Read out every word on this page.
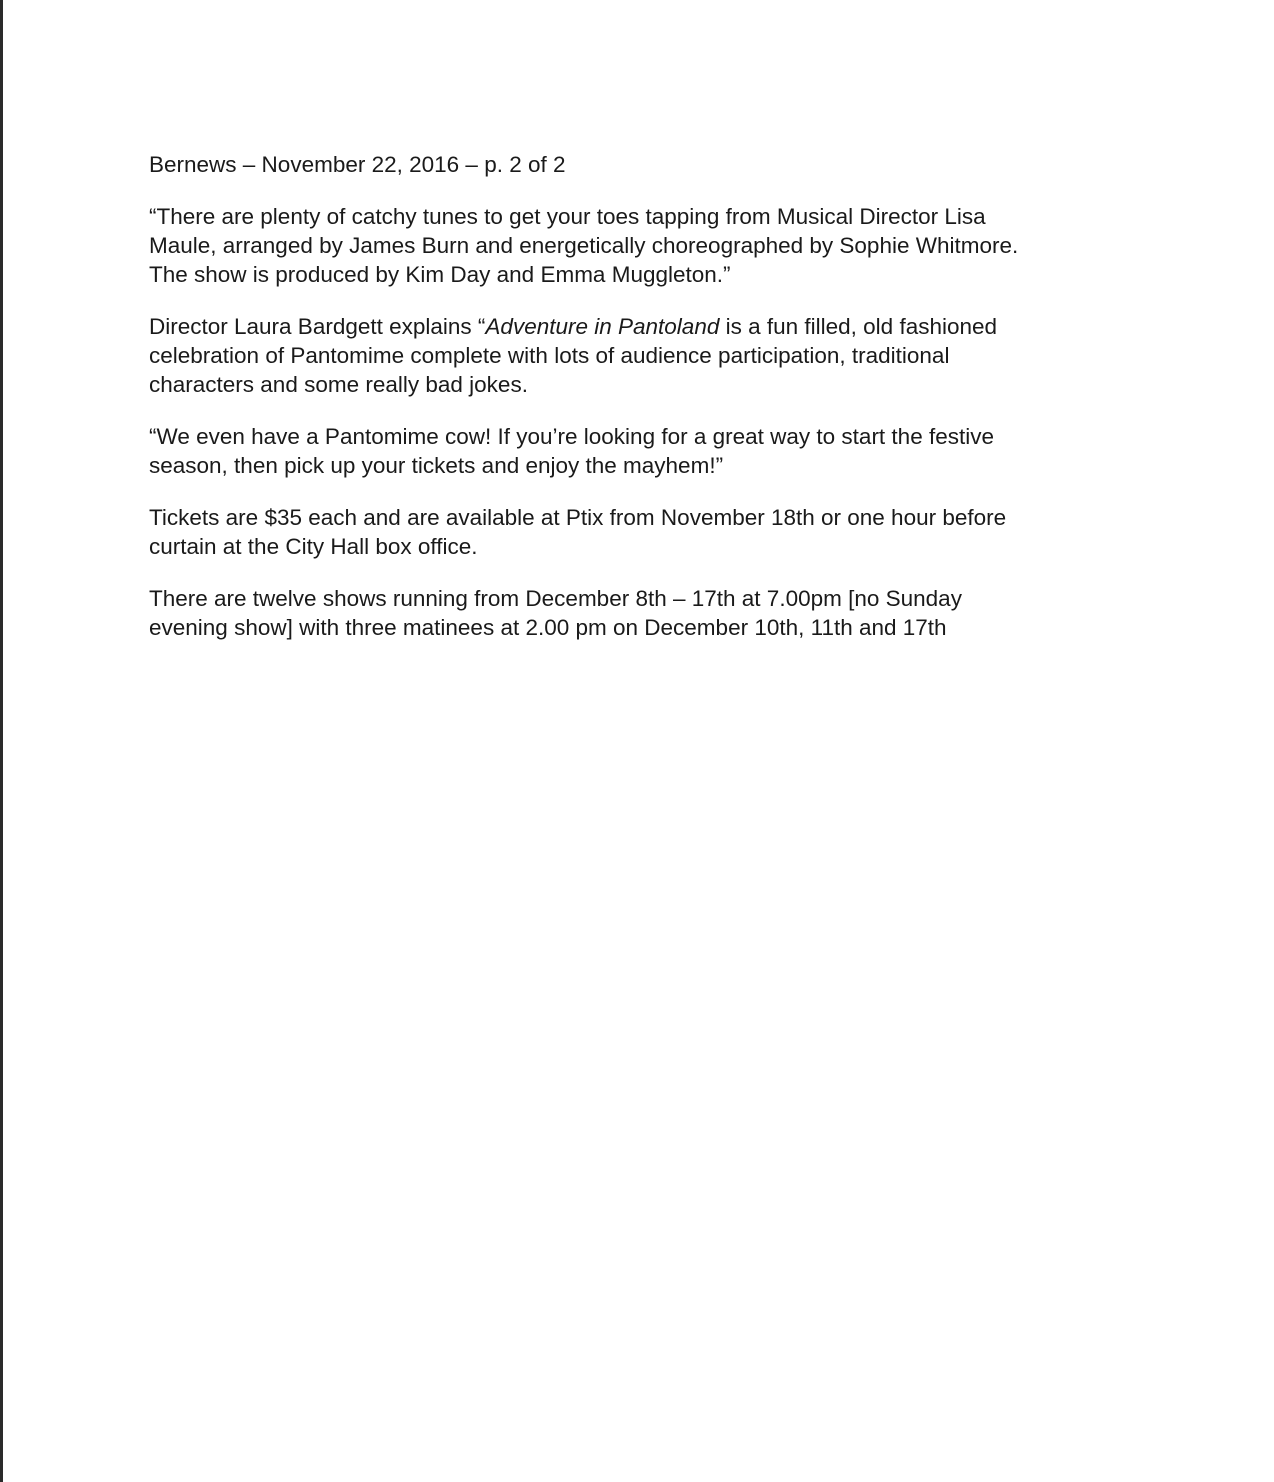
Bernews – November 22, 2016 – p. 2 of 2
“There are plenty of catchy tunes to get your toes tapping from Musical Director Lisa
Maule, arranged by James Burn and energetically choreographed by Sophie Whitmore.
The show is produced by Kim Day and Emma Muggleton.”
Director Laura Bardgett explains “Adventure in Pantoland is a fun filled, old fashioned
celebration of Pantomime complete with lots of audience participation, traditional
characters and some really bad jokes.
“We even have a Pantomime cow! If you’re looking for a great way to start the festive
season, then pick up your tickets and enjoy the mayhem!”
Tickets are $35 each and are available at Ptix from November 18th or one hour before
curtain at the City Hall box office.
There are twelve shows running from December 8th – 17th at 7.00pm [no Sunday
evening show] with three matinees at 2.00 pm on December 10th, 11th and 17th
